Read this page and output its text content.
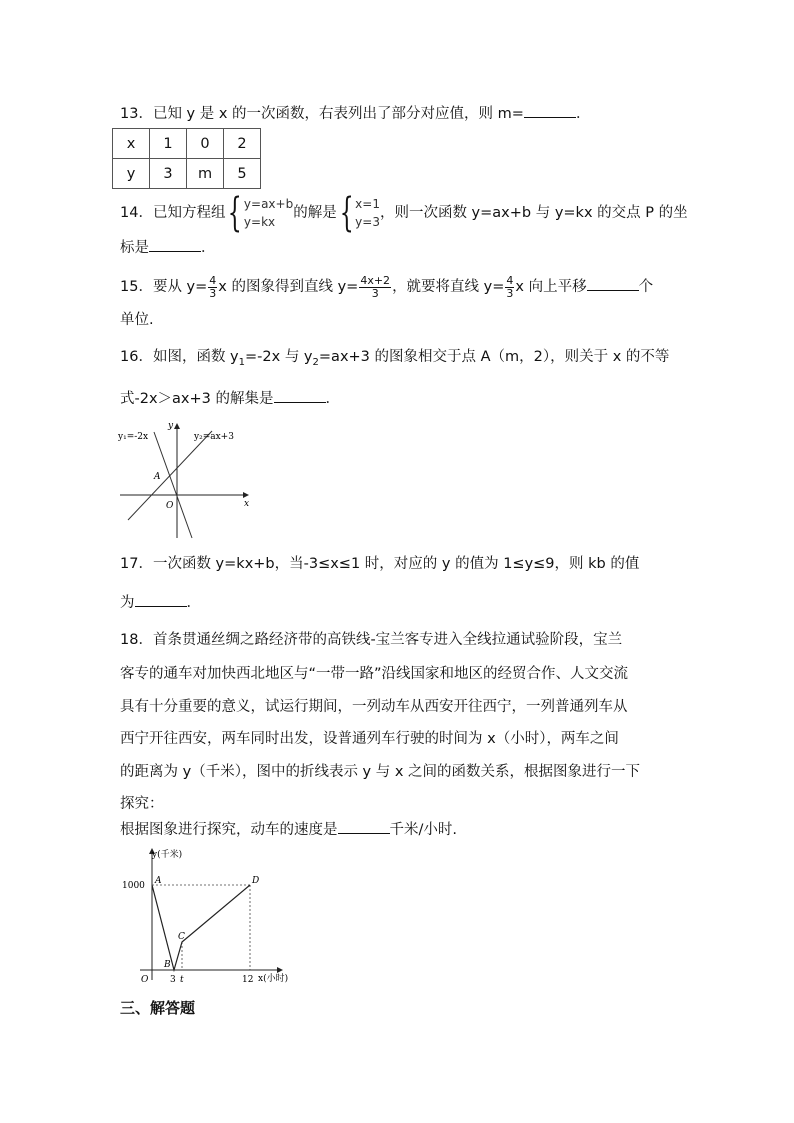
13．已知 y 是 x 的一次函数，右表列出了部分对应值，则 m=	．
x	1	0	2
y	3	m	5
14．已知方程组 { y=ax+b
y=kx
的解是 { x=1
y=3
，则一次函数 y=ax+b 与 y=kx 的交点 P 的坐
标是	．
15．要从 $y= \frac{4}{3}$ x 的图象得到直线 $y= \frac{4x+2}{3}$ ，就要将直线 $y= \frac{4}{3}$ x 向上平移	个
单位.
16．如图，函数 $y_1=-2x$ 与 $y_2=ax+3$ 的图象相交于点 A（m，2），则关于 x 的不等
式-2x＞ax+3 的解集是	．
y₁=-2x	y₂=ax+3
y
x
O
A
17．一次函数 y=kx+b，当-3≤x≤1 时，对应的 y 的值为 1≤y≤9，则 kb 的值
为	．
18．首条贯通丝绸之路经济带的高铁线-宝兰客专进入全线拉通试验阶段，宝兰
客专的通车对加快西北地区与“一带一路”沿线国家和地区的经贸合作、人文交流
具有十分重要的意义，试运行期间，一列动车从西安开往西宁，一列普通列车从
西宁开往西安，两车同时出发，设普通列车行驶的时间为 x（小时），两车之间
的距离为 y（千米），图中的折线表示 y 与 x 之间的函数关系，根据图象进行一下
探究：
根据图象进行探究，动车的速度是	千米/小时.
y(千米)
x(小时)
1000
O 3 t	12
A
B
C
D
三、解答题
